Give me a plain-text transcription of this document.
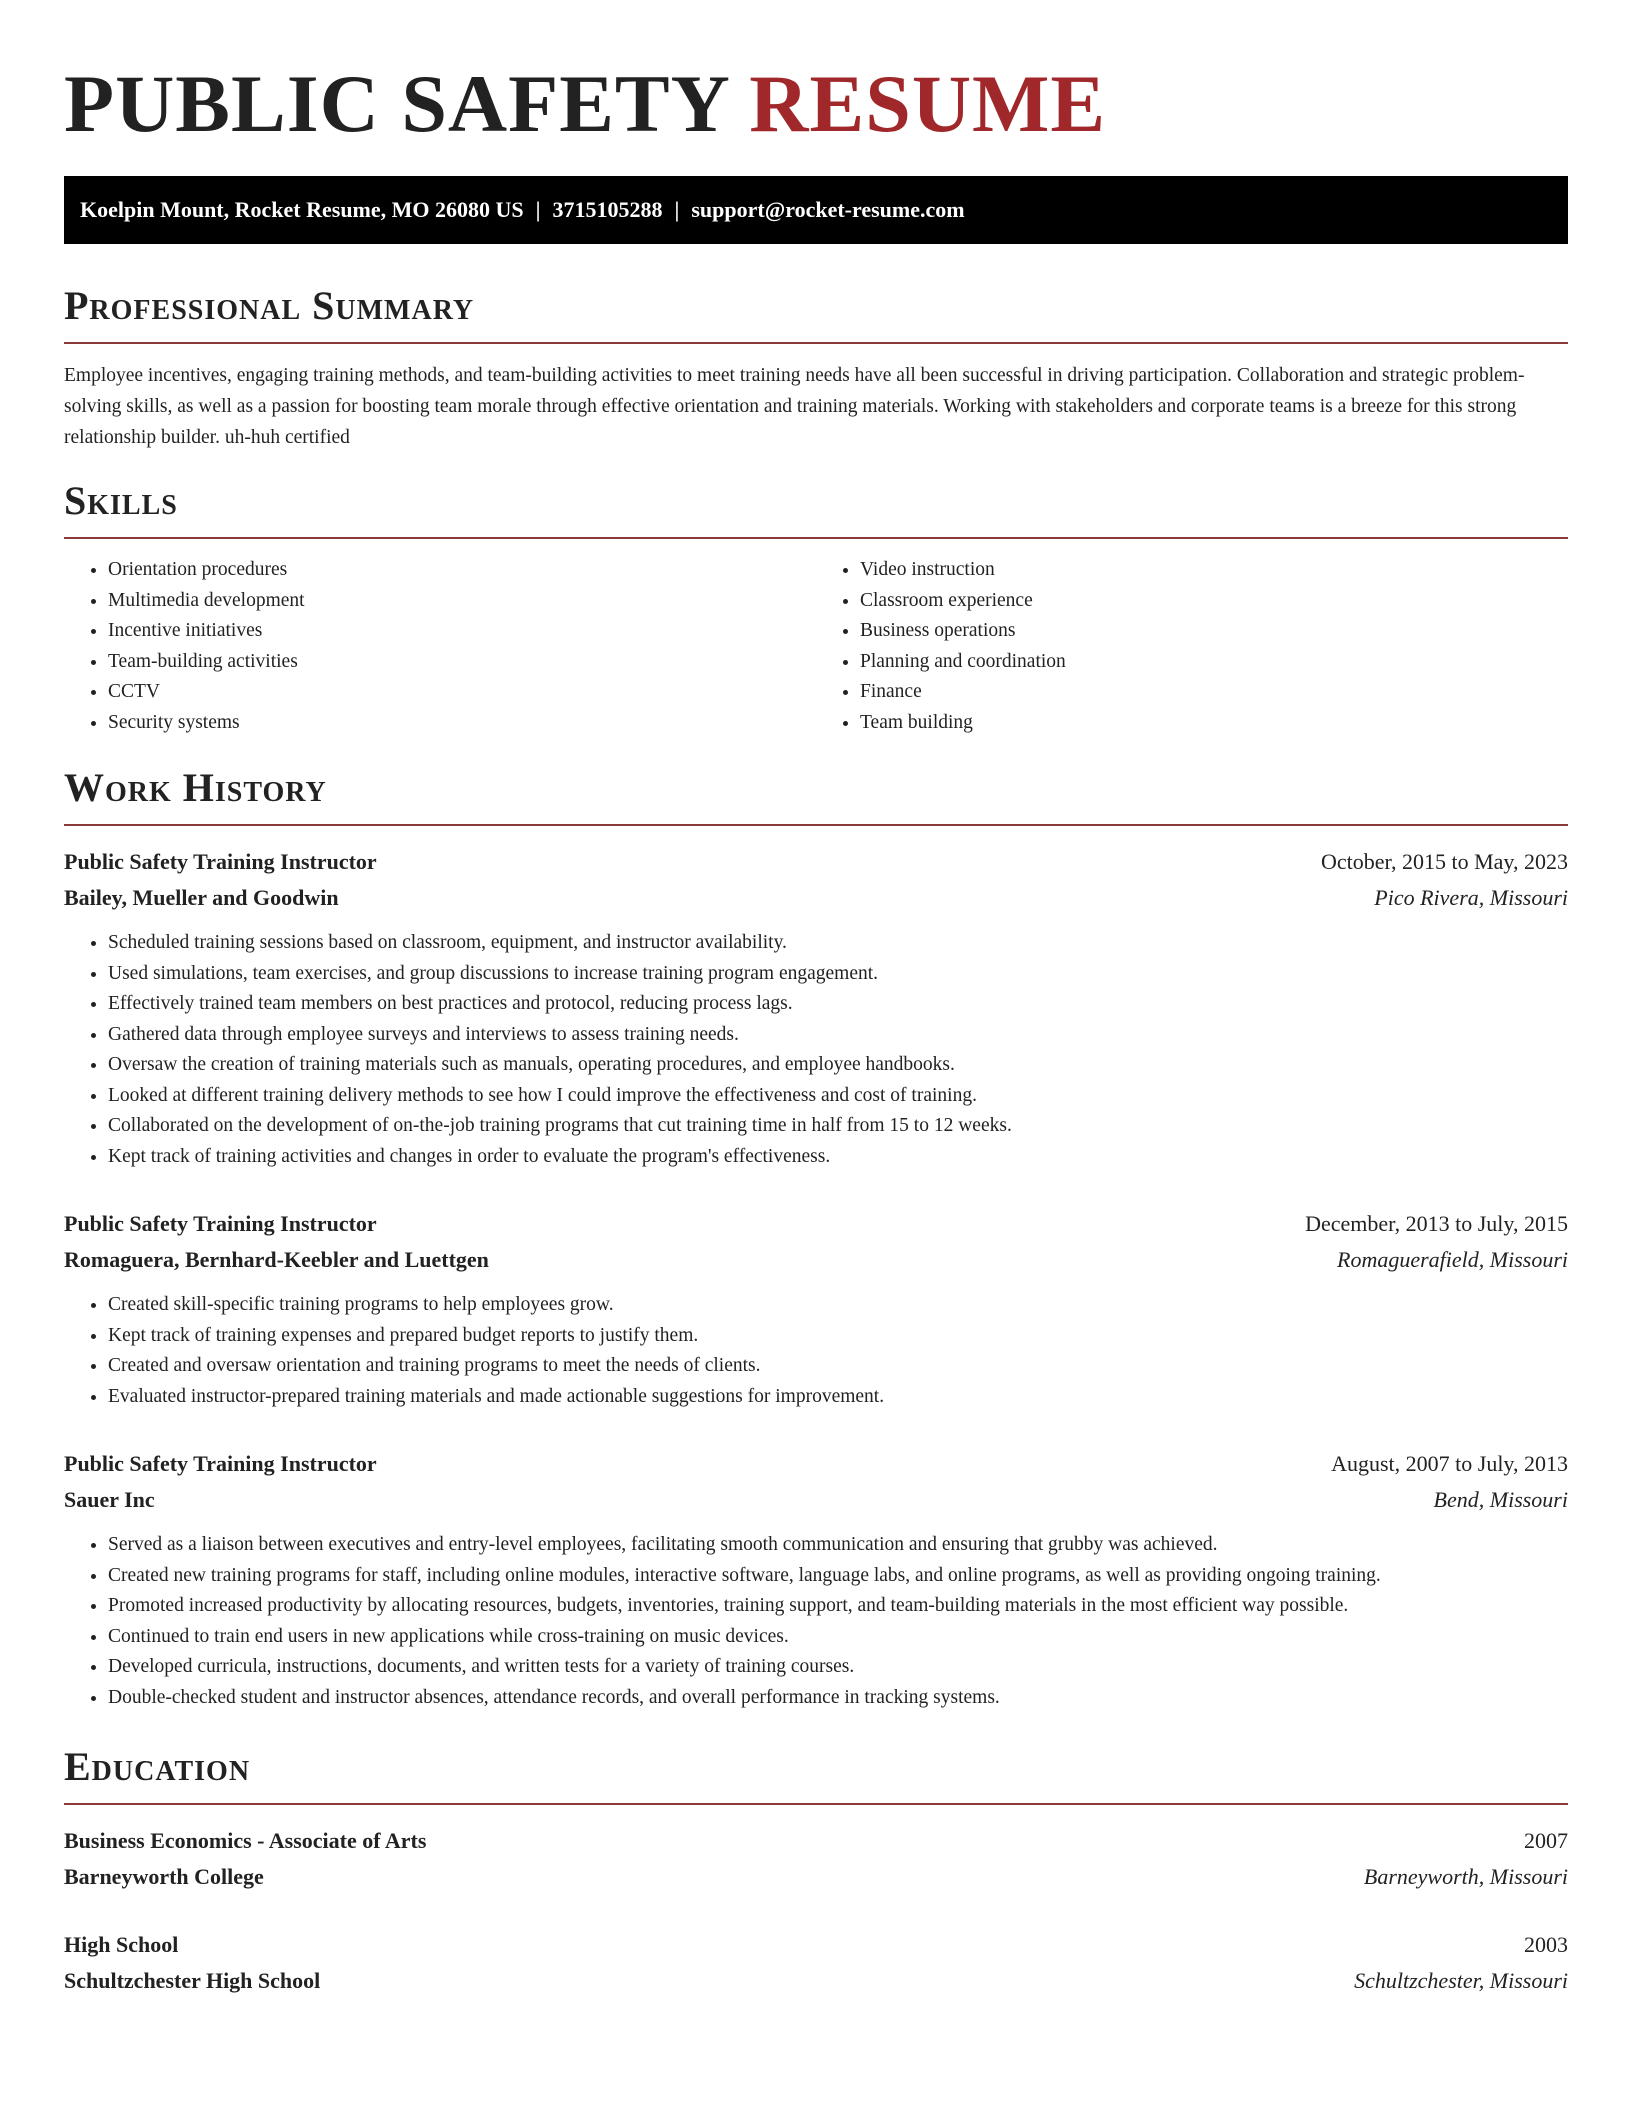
PUBLIC SAFETY RESUME
Koelpin Mount, Rocket Resume, MO 26080 US | 3715105288 | support@rocket-resume.com
Professional Summary

Employee incentives, engaging training methods, and team-building activities to meet training needs have all been successful in driving participation. Collaboration and strategic problem-solving skills, as well as a passion for boosting team morale through effective orientation and training materials. Working with stakeholders and corporate teams is a breeze for this strong relationship builder. uh-huh certified

Skills
• Orientation procedures
• Multimedia development
• Incentive initiatives
• Team-building activities
• CCTV
• Security systems
• Video instruction
• Classroom experience
• Business operations
• Planning and coordination
• Finance
• Team building
Work History
Public Safety Training Instructor	October, 2015 to May, 2023
Bailey, Mueller and Goodwin	Pico Rivera, Missouri
• Scheduled training sessions based on classroom, equipment, and instructor availability.
• Used simulations, team exercises, and group discussions to increase training program engagement.
• Effectively trained team members on best practices and protocol, reducing process lags.
• Gathered data through employee surveys and interviews to assess training needs.
• Oversaw the creation of training materials such as manuals, operating procedures, and employee handbooks.
• Looked at different training delivery methods to see how I could improve the effectiveness and cost of training.
• Collaborated on the development of on-the-job training programs that cut training time in half from 15 to 12 weeks.
• Kept track of training activities and changes in order to evaluate the program's effectiveness.
Public Safety Training Instructor	December, 2013 to July, 2015
Romaguera, Bernhard-Keebler and Luettgen	Romaguerafield, Missouri
• Created skill-specific training programs to help employees grow.
• Kept track of training expenses and prepared budget reports to justify them.
• Created and oversaw orientation and training programs to meet the needs of clients.
• Evaluated instructor-prepared training materials and made actionable suggestions for improvement.
Public Safety Training Instructor	August, 2007 to July, 2013
Sauer Inc	Bend, Missouri
• Served as a liaison between executives and entry-level employees, facilitating smooth communication and ensuring that grubby was achieved.
• Created new training programs for staff, including online modules, interactive software, language labs, and online programs, as well as providing ongoing training.
• Promoted increased productivity by allocating resources, budgets, inventories, training support, and team-building materials in the most efficient way possible.
• Continued to train end users in new applications while cross-training on music devices.
• Developed curricula, instructions, documents, and written tests for a variety of training courses.
• Double-checked student and instructor absences, attendance records, and overall performance in tracking systems.
Education
Business Economics - Associate of Arts	2007
Barneyworth College	Barneyworth, Missouri
High School	2003
Schultzchester High School	Schultzchester, Missouri
